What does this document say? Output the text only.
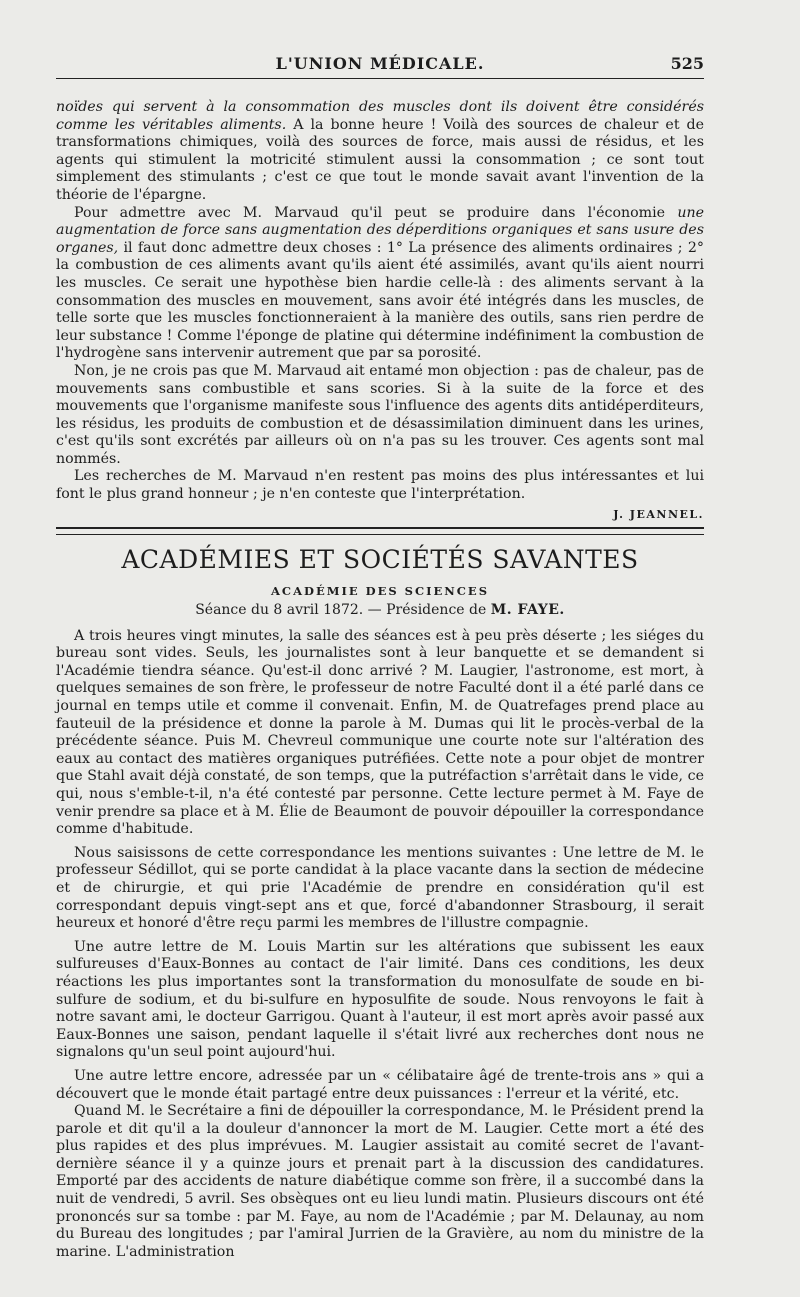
L'UNION MÉDICALE.	525

noïdes qui servent à la consommation des muscles dont ils doivent être considérés comme les véritables aliments. A la bonne heure ! Voilà des sources de chaleur et de transformations chimiques, voilà des sources de force, mais aussi de résidus, et les agents qui stimulent la motricité stimulent aussi la consommation ; ce sont tout simplement des stimulants ; c'est ce que tout le monde savait avant l'invention de la théorie de l'épargne.

Pour admettre avec M. Marvaud qu'il peut se produire dans l'économie une augmentation de force sans augmentation des déperditions organiques et sans usure des organes, il faut donc admettre deux choses : 1° La présence des aliments ordinaires ; 2° la combustion de ces aliments avant qu'ils aient été assimilés, avant qu'ils aient nourri les muscles. Ce serait une hypothèse bien hardie celle-là : des aliments servant à la consommation des muscles en mouvement, sans avoir été intégrés dans les muscles, de telle sorte que les muscles fonctionneraient à la manière des outils, sans rien perdre de leur substance ! Comme l'éponge de platine qui détermine indéfiniment la combustion de l'hydrogène sans intervenir autrement que par sa porosité.

Non, je ne crois pas que M. Marvaud ait entamé mon objection : pas de chaleur, pas de mouvements sans combustible et sans scories. Si à la suite de la force et des mouvements que l'organisme manifeste sous l'influence des agents dits antidéperditeurs, les résidus, les produits de combustion et de désassimilation diminuent dans les urines, c'est qu'ils sont excrétés par ailleurs où on n'a pas su les trouver. Ces agents sont mal nommés.

Les recherches de M. Marvaud n'en restent pas moins des plus intéressantes et lui font le plus grand honneur ; je n'en conteste que l'interprétation.

J. JEANNEL.
ACADÉMIES ET SOCIÉTÉS SAVANTES
ACADÉMIE DES SCIENCES
Séance du 8 avril 1872. — Présidence de M. FAYE.

A trois heures vingt minutes, la salle des séances est à peu près déserte ; les siéges du bureau sont vides. Seuls, les journalistes sont à leur banquette et se demandent si l'Académie tiendra séance. Qu'est-il donc arrivé ? M. Laugier, l'astronome, est mort, à quelques semaines de son frère, le professeur de notre Faculté dont il a été parlé dans ce journal en temps utile et comme il convenait. Enfin, M. de Quatrefages prend place au fauteuil de la présidence et donne la parole à M. Dumas qui lit le procès-verbal de la précédente séance. Puis M. Chevreul communique une courte note sur l'altération des eaux au contact des matières organiques putréfiées. Cette note a pour objet de montrer que Stahl avait déjà constaté, de son temps, que la putréfaction s'arrêtait dans le vide, ce qui, nous s'emble-t-il, n'a été contesté par personne. Cette lecture permet à M. Faye de venir prendre sa place et à M. Élie de Beaumont de pouvoir dépouiller la correspondance comme d'habitude.

Nous saisissons de cette correspondance les mentions suivantes : Une lettre de M. le professeur Sédillot, qui se porte candidat à la place vacante dans la section de médecine et de chirurgie, et qui prie l'Académie de prendre en considération qu'il est correspondant depuis vingt-sept ans et que, forcé d'abandonner Strasbourg, il serait heureux et honoré d'être reçu parmi les membres de l'illustre compagnie.

Une autre lettre de M. Louis Martin sur les altérations que subissent les eaux sulfureuses d'Eaux-Bonnes au contact de l'air limité. Dans ces conditions, les deux réactions les plus importantes sont la transformation du monosulfate de soude en bi-sulfure de sodium, et du bi-sulfure en hyposulfite de soude. Nous renvoyons le fait à notre savant ami, le docteur Garrigou. Quant à l'auteur, il est mort après avoir passé aux Eaux-Bonnes une saison, pendant laquelle il s'était livré aux recherches dont nous ne signalons qu'un seul point aujourd'hui.

Une autre lettre encore, adressée par un « célibataire âgé de trente-trois ans » qui a découvert que le monde était partagé entre deux puissances : l'erreur et la vérité, etc.

Quand M. le Secrétaire a fini de dépouiller la correspondance, M. le Président prend la parole et dit qu'il a la douleur d'annoncer la mort de M. Laugier. Cette mort a été des plus rapides et des plus imprévues. M. Laugier assistait au comité secret de l'avant-dernière séance il y a quinze jours et prenait part à la discussion des candidatures. Emporté par des accidents de nature diabétique comme son frère, il a succombé dans la nuit de vendredi, 5 avril. Ses obsèques ont eu lieu lundi matin. Plusieurs discours ont été prononcés sur sa tombe : par M. Faye, au nom de l'Académie ; par M. Delaunay, au nom du Bureau des longitudes ; par l'amiral Jurrien de la Gravière, au nom du ministre de la marine. L'administration
